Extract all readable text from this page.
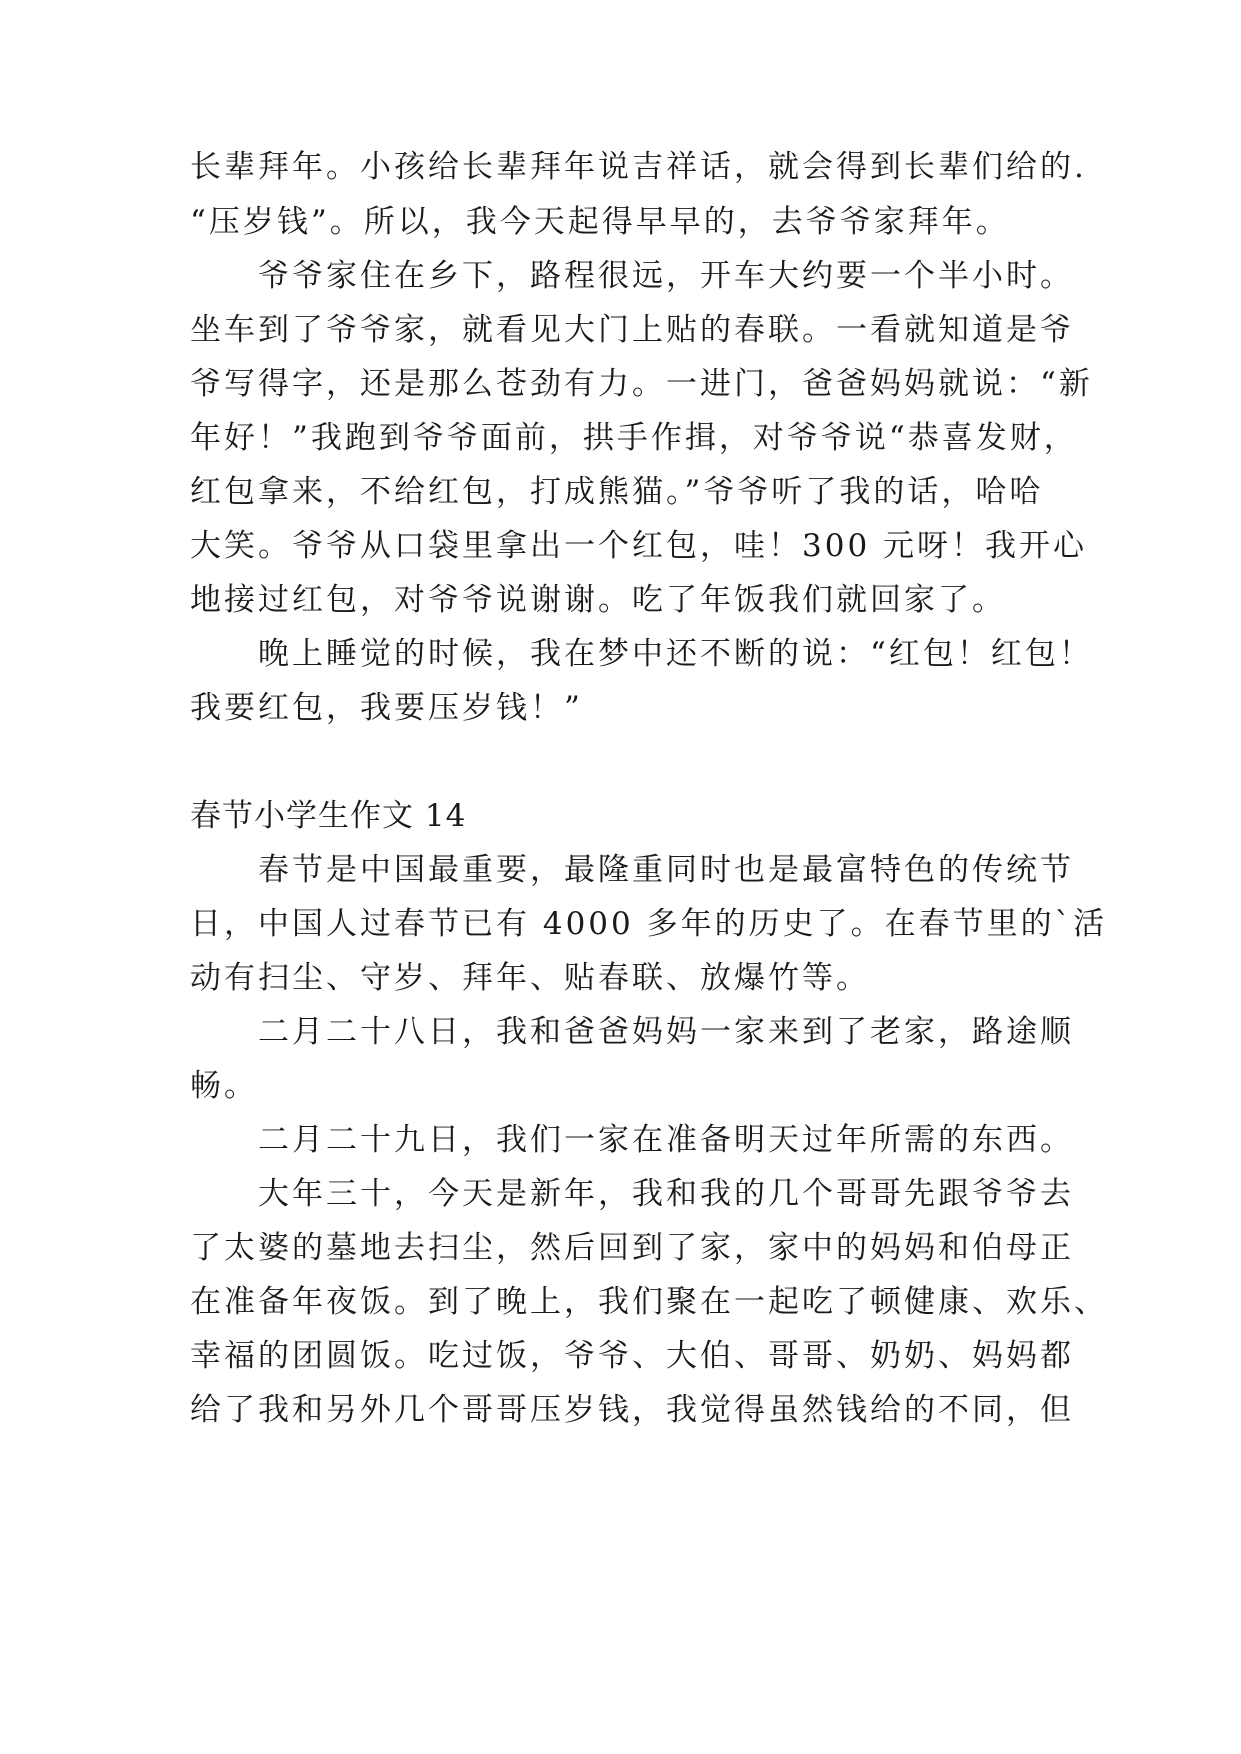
长辈拜年。小孩给长辈拜年说吉祥话，就会得到长辈们给的.
“压岁钱”。所以，我今天起得早早的，去爷爷家拜年。
爷爷家住在乡下，路程很远，开车大约要一个半小时。
坐车到了爷爷家，就看见大门上贴的春联。一看就知道是爷
爷写得字，还是那么苍劲有力。一进门，爸爸妈妈就说：“新
年好！”我跑到爷爷面前，拱手作揖，对爷爷说“恭喜发财，
红包拿来，不给红包，打成熊猫。”爷爷听了我的话，哈哈
大笑。爷爷从口袋里拿出一个红包，哇！300 元呀！我开心
地接过红包，对爷爷说谢谢。吃了年饭我们就回家了。
晚上睡觉的时候，我在梦中还不断的说：“红包！红包！
我要红包，我要压岁钱！”
春节小学生作文 14
春节是中国最重要，最隆重同时也是最富特色的传统节
日，中国人过春节已有 4000 多年的历史了。在春节里的`活
动有扫尘、守岁、拜年、贴春联、放爆竹等。
二月二十八日，我和爸爸妈妈一家来到了老家，路途顺
畅。
二月二十九日，我们一家在准备明天过年所需的东西。
大年三十，今天是新年，我和我的几个哥哥先跟爷爷去
了太婆的墓地去扫尘，然后回到了家，家中的妈妈和伯母正
在准备年夜饭。到了晚上，我们聚在一起吃了顿健康、欢乐、
幸福的团圆饭。吃过饭，爷爷、大伯、哥哥、奶奶、妈妈都
给了我和另外几个哥哥压岁钱，我觉得虽然钱给的不同，但
